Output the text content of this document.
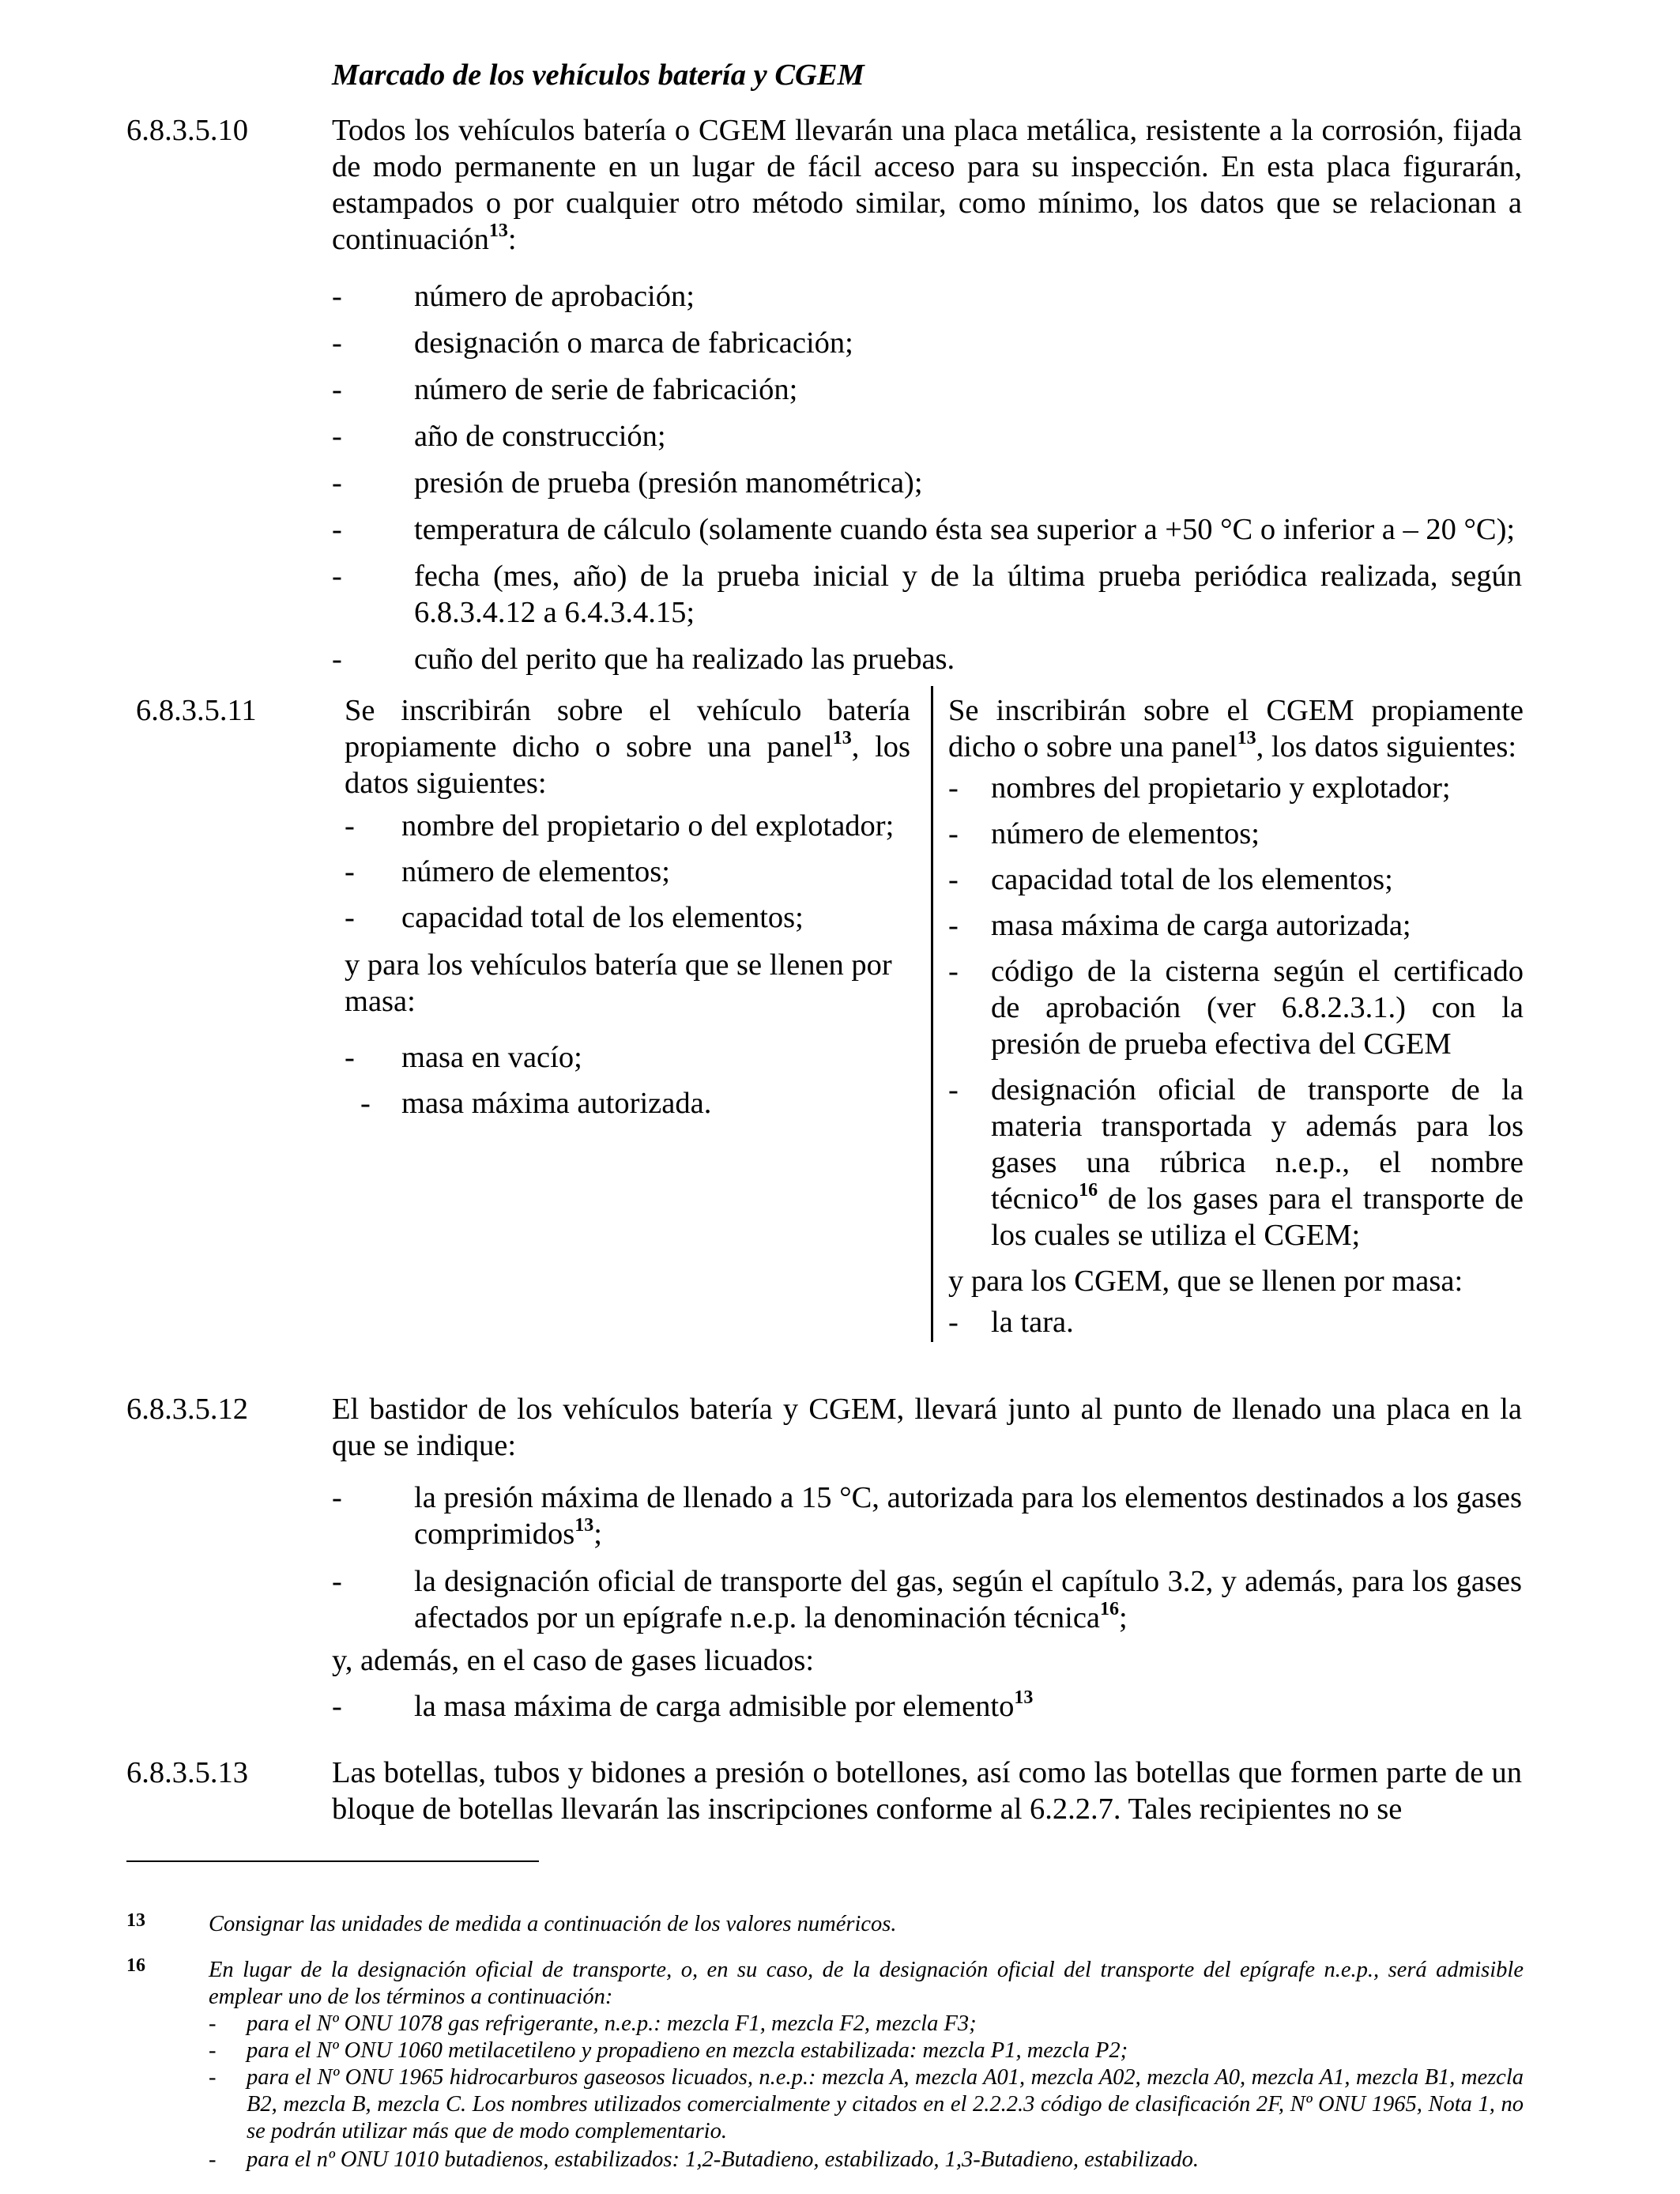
Marcado de los vehículos batería y CGEM
6.8.3.5.10	Todos los vehículos batería o CGEM llevarán una placa metálica, resistente a la corrosión, fijada de modo permanente en un lugar de fácil acceso para su inspección. En esta placa figurarán, estampados o por cualquier otro método similar, como mínimo, los datos que se relacionan a continuación$^{13}$:
- número de aprobación;
- designación o marca de fabricación;
- número de serie de fabricación;
- año de construcción;
- presión de prueba (presión manométrica);
- temperatura de cálculo (solamente cuando ésta sea superior a +50 °C o inferior a – 20 °C);
- fecha (mes, año) de la prueba inicial y de la última prueba periódica realizada, según 6.8.3.4.12 a 6.4.3.4.15;
- cuño del perito que ha realizado las pruebas.
6.8.3.5.11	Se inscribirán sobre el vehículo batería propiamente dicho o sobre una panel$^{13}$, los datos siguientes:
- nombre del propietario o del explotador;
- número de elementos;
- capacidad total de los elementos;
y para los vehículos batería que se llenen por masa:
- masa en vacío;
- masa máxima autorizada.
Se inscribirán sobre el CGEM propiamente dicho o sobre una panel$^{13}$, los datos siguientes:
- nombres del propietario y explotador;
- número de elementos;
- capacidad total de los elementos;
- masa máxima de carga autorizada;
- código de la cisterna según el certificado de aprobación (ver 6.8.2.3.1.) con la presión de prueba efectiva del CGEM
- designación oficial de transporte de la materia transportada y además para los gases una rúbrica n.e.p., el nombre técnico$^{16}$ de los gases para el transporte de los cuales se utiliza el CGEM;
y para los CGEM, que se llenen por masa:
- la tara.
6.8.3.5.12	El bastidor de los vehículos batería y CGEM, llevará junto al punto de llenado una placa en la que se indique:
- la presión máxima de llenado a 15 °C, autorizada para los elementos destinados a los gases comprimidos$^{13}$;
- la designación oficial de transporte del gas, según el capítulo 3.2, y además, para los gases afectados por un epígrafe n.e.p. la denominación técnica$^{16}$;
y, además, en el caso de gases licuados:
- la masa máxima de carga admisible por elemento$^{13}$
6.8.3.5.13	Las botellas, tubos y bidones a presión o botellones, así como las botellas que formen parte de un bloque de botellas llevarán las inscripciones conforme al 6.2.2.7. Tales recipientes no se
13	Consignar las unidades de medida a continuación de los valores numéricos.
16	En lugar de la designación oficial de transporte, o, en su caso, de la designación oficial del transporte del epígrafe n.e.p., será admisible emplear uno de los términos a continuación:
- para el Nº ONU 1078 gas refrigerante, n.e.p.: mezcla F1, mezcla F2, mezcla F3;
- para el Nº ONU 1060 metilacetileno y propadieno en mezcla estabilizada: mezcla P1, mezcla P2;
- para el Nº ONU 1965 hidrocarburos gaseosos licuados, n.e.p.: mezcla A, mezcla A01, mezcla A02, mezcla A0, mezcla A1, mezcla B1, mezcla B2, mezcla B, mezcla C. Los nombres utilizados comercialmente y citados en el 2.2.2.3 código de clasificación 2F, Nº ONU 1965, Nota 1, no se podrán utilizar más que de modo complementario.
- para el nº ONU 1010 butadienos, estabilizados: 1,2-Butadieno, estabilizado, 1,3-Butadieno, estabilizado.
